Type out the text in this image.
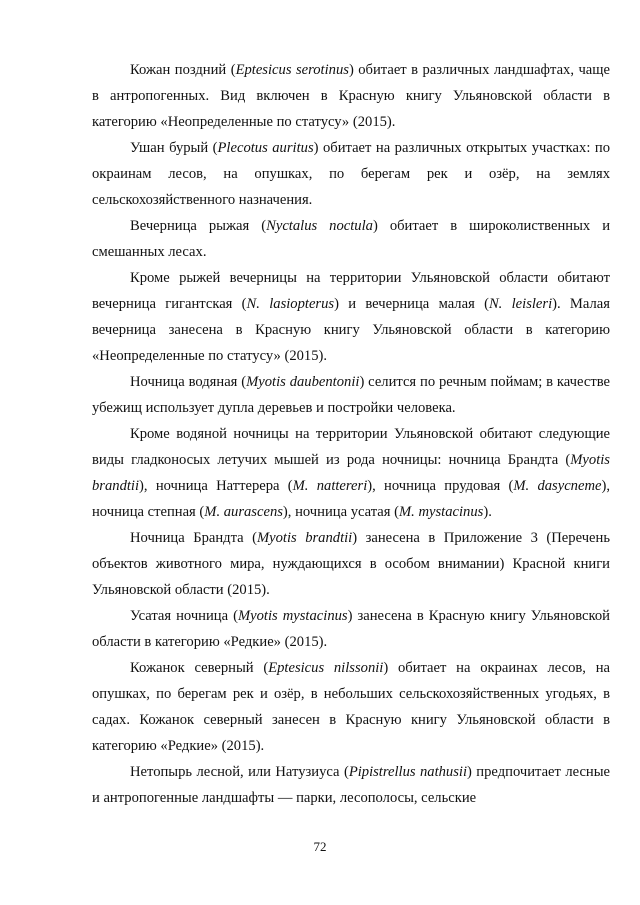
Кожан поздний (Eptesicus serotinus) обитает в различных ландшафтах, чаще в антропогенных. Вид включен в Красную книгу Ульяновской области в категорию «Неопределенные по статусу» (2015).

Ушан бурый (Plecotus auritus) обитает на различных открытых участках: по окраинам лесов, на опушках, по берегам рек и озёр, на землях сельскохозяйственного назначения.

Вечерница рыжая (Nyctalus noctula) обитает в широколиственных и смешанных лесах.

Кроме рыжей вечерницы на территории Ульяновской области обитают вечерница гигантская (N. lasiopterus) и вечерница малая (N. leisleri). Малая вечерница занесена в Красную книгу Ульяновской области в категорию «Неопределенные по статусу» (2015).

Ночница водяная (Myotis daubentonii) селится по речным поймам; в качестве убежищ использует дупла деревьев и постройки человека.

Кроме водяной ночницы на территории Ульяновской обитают следующие виды гладконосых летучих мышей из рода ночницы: ночница Брандта (Myotis brandtii), ночница Наттерера (M. nattereri), ночница прудовая (M. dasycneme), ночница степная (M. aurascens), ночница усатая (M. mystacinus).

Ночница Брандта (Myotis brandtii) занесена в Приложение 3 (Перечень объектов животного мира, нуждающихся в особом внимании) Красной книги Ульяновской области (2015).

Усатая ночница (Myotis mystacinus) занесена в Красную книгу Ульяновской области в категорию «Редкие» (2015).

Кожанок северный (Eptesicus nilssonii) обитает на окраинах лесов, на опушках, по берегам рек и озёр, в небольших сельскохозяйственных угодьях, в садах. Кожанок северный занесен в Красную книгу Ульяновской области в категорию «Редкие» (2015).

Нетопырь лесной, или Натузиуса (Pipistrellus nathusii) предпочитает лесные и антропогенные ландшафты — парки, лесополосы, сельские

72
